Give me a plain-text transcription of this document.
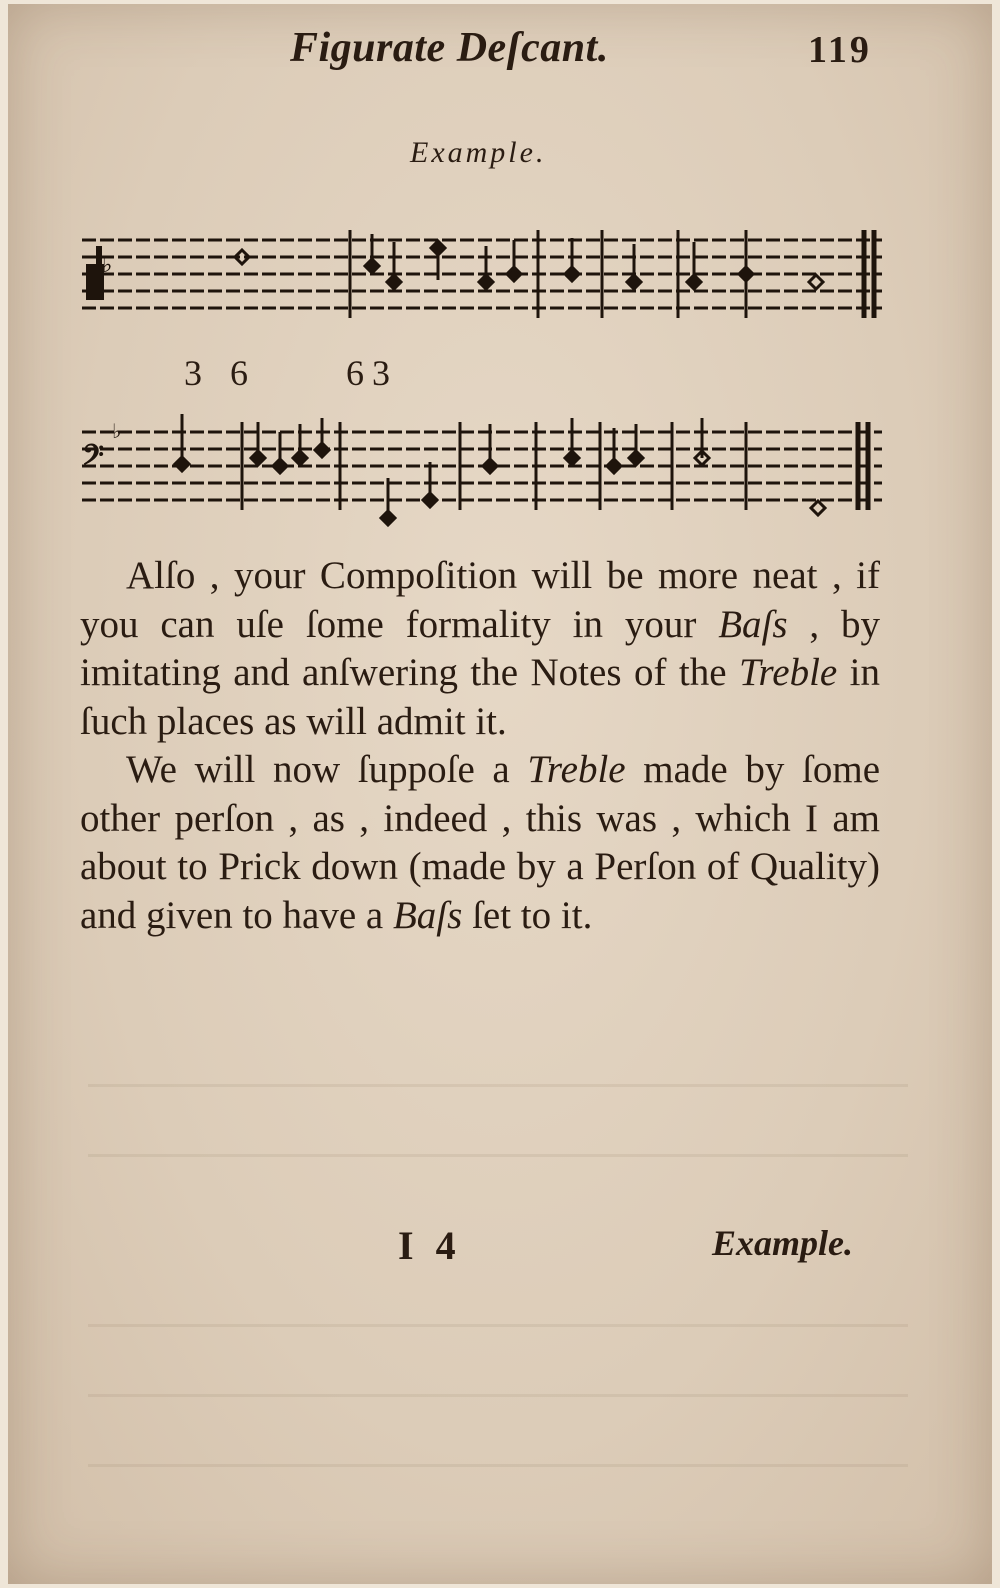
Figurate Deſcant.	119
Example.
♭
3 6	6 3
𝄢
♭

Alſo , your Compoſition will be more neat , if you can uſe ſome formality in your Baſs , by imitating and anſwering the Notes of the Treble in ſuch places as will admit it.

We will now ſuppoſe a Treble made by ſome other perſon , as , indeed , this was , which I am about to Prick down (made by a Perſon of Quality) and given to have a Baſs ſet to it.

I 4	Example.
